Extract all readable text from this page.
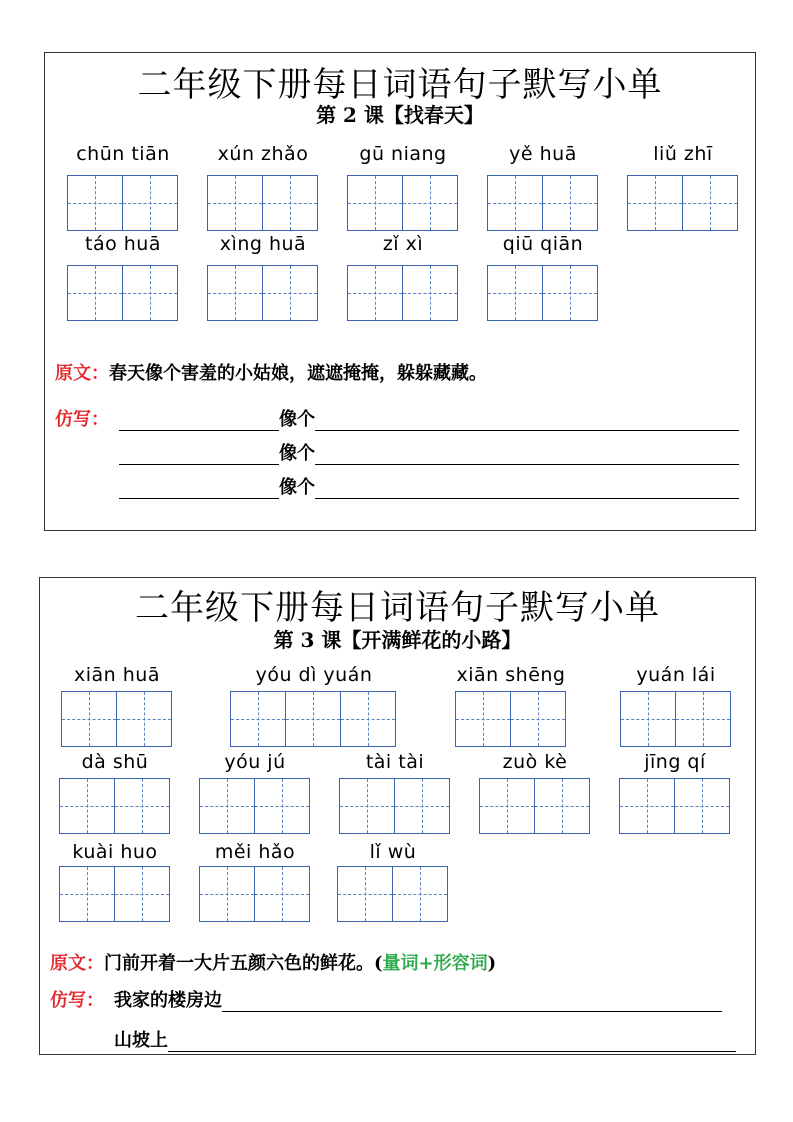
二年级下册每日词语句子默写小单
第 2 课【找春天】
chūn tiān	xún zhǎo	gū niang	yě huā	liǔ zhī
táo huā	xìng huā	zǐ xì	qiū qiān
原文：春天像个害羞的小姑娘，遮遮掩掩，躲躲藏藏。
仿写：	像个
像个
像个
二年级下册每日词语句子默写小单
第 3 课【开满鲜花的小路】
xiān huā	yóu dì yuán	xiān shēng	yuán lái
dà shū	yóu jú	tài tài	zuò kè	jīng qí
kuài huo	měi hǎo	lǐ wù
原文：门前开着一大片五颜六色的鲜花。(量词+形容词)
仿写： 我家的楼房边
山坡上
